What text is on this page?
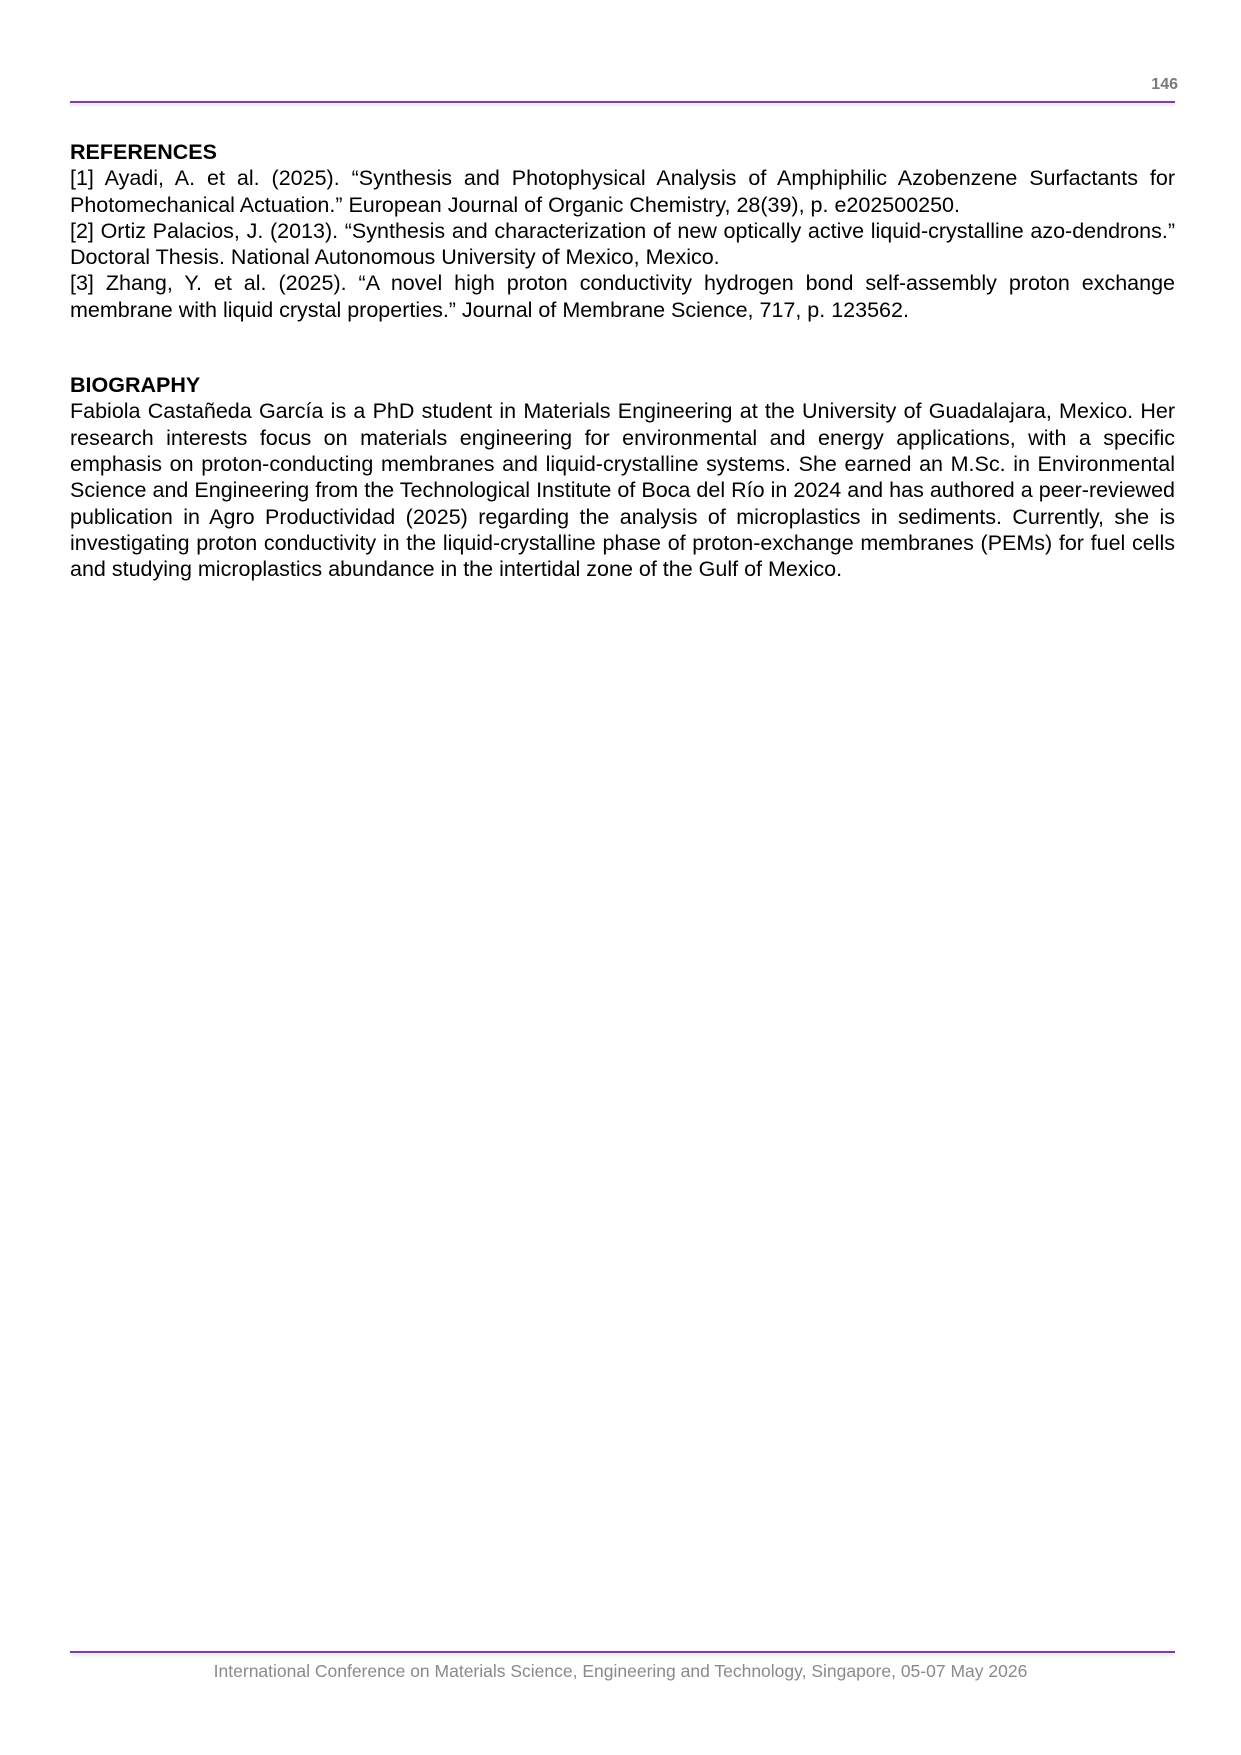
146
REFERENCES
[1] Ayadi, A. et al. (2025). “Synthesis and Photophysical Analysis of Amphiphilic Azobenzene Surfactants for Photomechanical Actuation.” European Journal of Organic Chemistry, 28(39), p. e202500250.
[2] Ortiz Palacios, J. (2013). “Synthesis and characterization of new optically active liquid-crystalline azo-dendrons.” Doctoral Thesis. National Autonomous University of Mexico, Mexico.
[3] Zhang, Y. et al. (2025). “A novel high proton conductivity hydrogen bond self-assembly proton exchange membrane with liquid crystal properties.” Journal of Membrane Science, 717, p. 123562.
BIOGRAPHY

Fabiola Castañeda García is a PhD student in Materials Engineering at the University of Guadalajara, Mexico. Her research interests focus on materials engineering for environmental and energy applications, with a specific emphasis on proton-conducting membranes and liquid-crystalline systems. She earned an M.Sc. in Environmental Science and Engineering from the Technological Institute of Boca del Río in 2024 and has authored a peer-reviewed publication in Agro Productividad (2025) regarding the analysis of microplastics in sediments. Currently, she is investigating proton conductivity in the liquid-crystalline phase of proton-exchange membranes (PEMs) for fuel cells and studying microplastics abundance in the intertidal zone of the Gulf of Mexico.

International Conference on Materials Science, Engineering and Technology, Singapore, 05-07 May 2026
